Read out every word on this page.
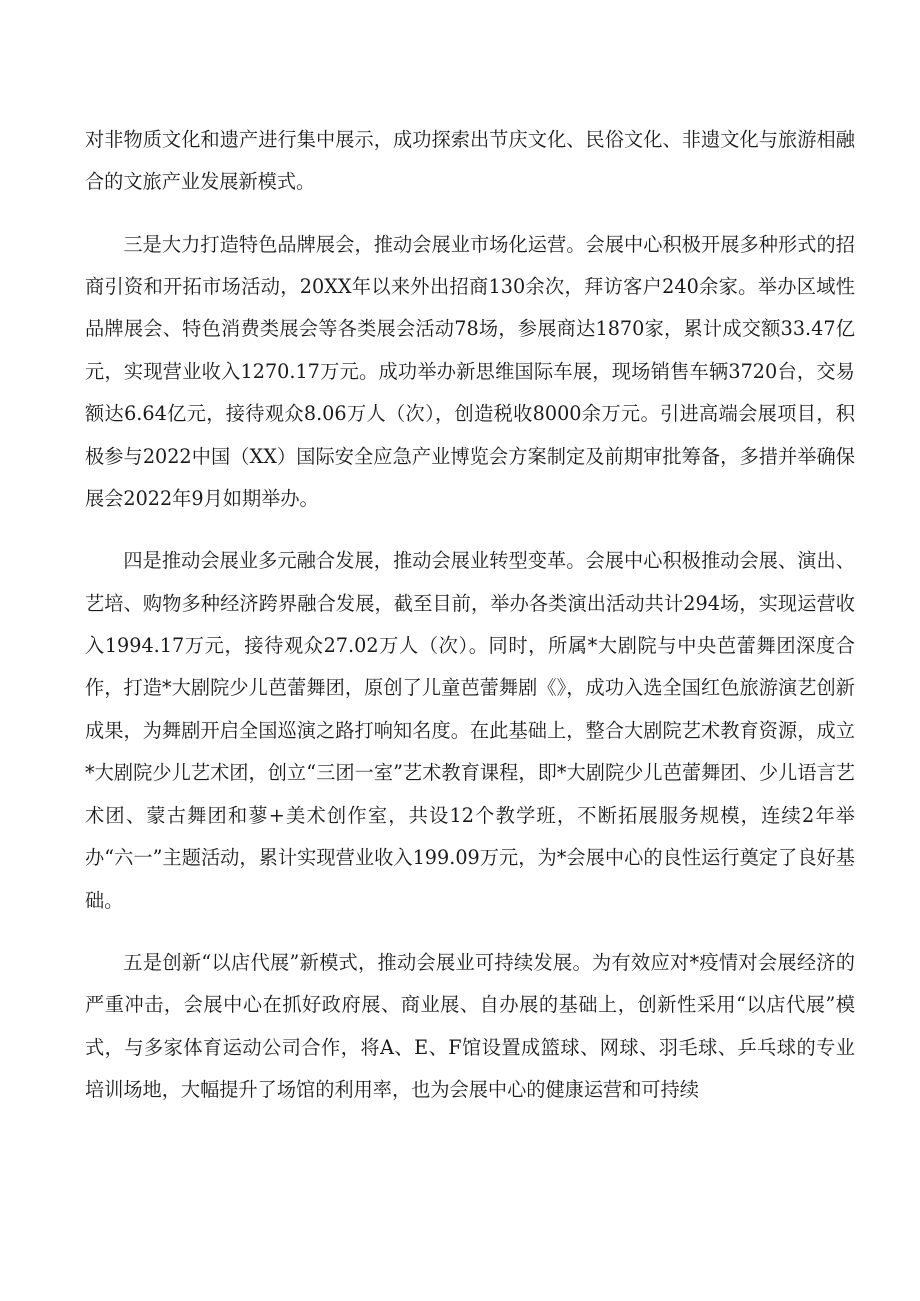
对非物质文化和遗产进行集中展示，成功探索出节庆文化、民俗文化、非遗文化与旅游相融合的文旅产业发展新模式。

三是大力打造特色品牌展会，推动会展业市场化运营。会展中心积极开展多种形式的招商引资和开拓市场活动，20XX年以来外出招商130余次，拜访客户240余家。举办区域性品牌展会、特色消费类展会等各类展会活动78场，参展商达1870家，累计成交额33.47亿元，实现营业收入1270.17万元。成功举办新思维国际车展，现场销售车辆3720台，交易额达6.64亿元，接待观众8.06万人（次），创造税收8000余万元。引进高端会展项目，积极参与2022中国（XX）国际安全应急产业博览会方案制定及前期审批筹备，多措并举确保展会2022年9月如期举办。

四是推动会展业多元融合发展，推动会展业转型变革。会展中心积极推动会展、演出、艺培、购物多种经济跨界融合发展，截至目前，举办各类演出活动共计294场，实现运营收入1994.17万元，接待观众27.02万人（次）。同时，所属*大剧院与中央芭蕾舞团深度合作，打造*大剧院少儿芭蕾舞团，原创了儿童芭蕾舞剧《》，成功入选全国红色旅游演艺创新成果，为舞剧开启全国巡演之路打响知名度。在此基础上，整合大剧院艺术教育资源，成立*大剧院少儿艺术团，创立“三团一室”艺术教育课程，即*大剧院少儿芭蕾舞团、少儿语言艺术团、蒙古舞团和蓼+美术创作室，共设12个教学班，不断拓展服务规模，连续2年举办“六一”主题活动，累计实现营业收入199.09万元，为*会展中心的良性运行奠定了良好基础。

五是创新“以店代展”新模式，推动会展业可持续发展。为有效应对*疫情对会展经济的严重冲击，会展中心在抓好政府展、商业展、自办展的基础上，创新性采用“以店代展”模式，与多家体育运动公司合作，将A、E、F馆设置成篮球、网球、羽毛球、乒乓球的专业培训场地，大幅提升了场馆的利用率，也为会展中心的健康运营和可持续
